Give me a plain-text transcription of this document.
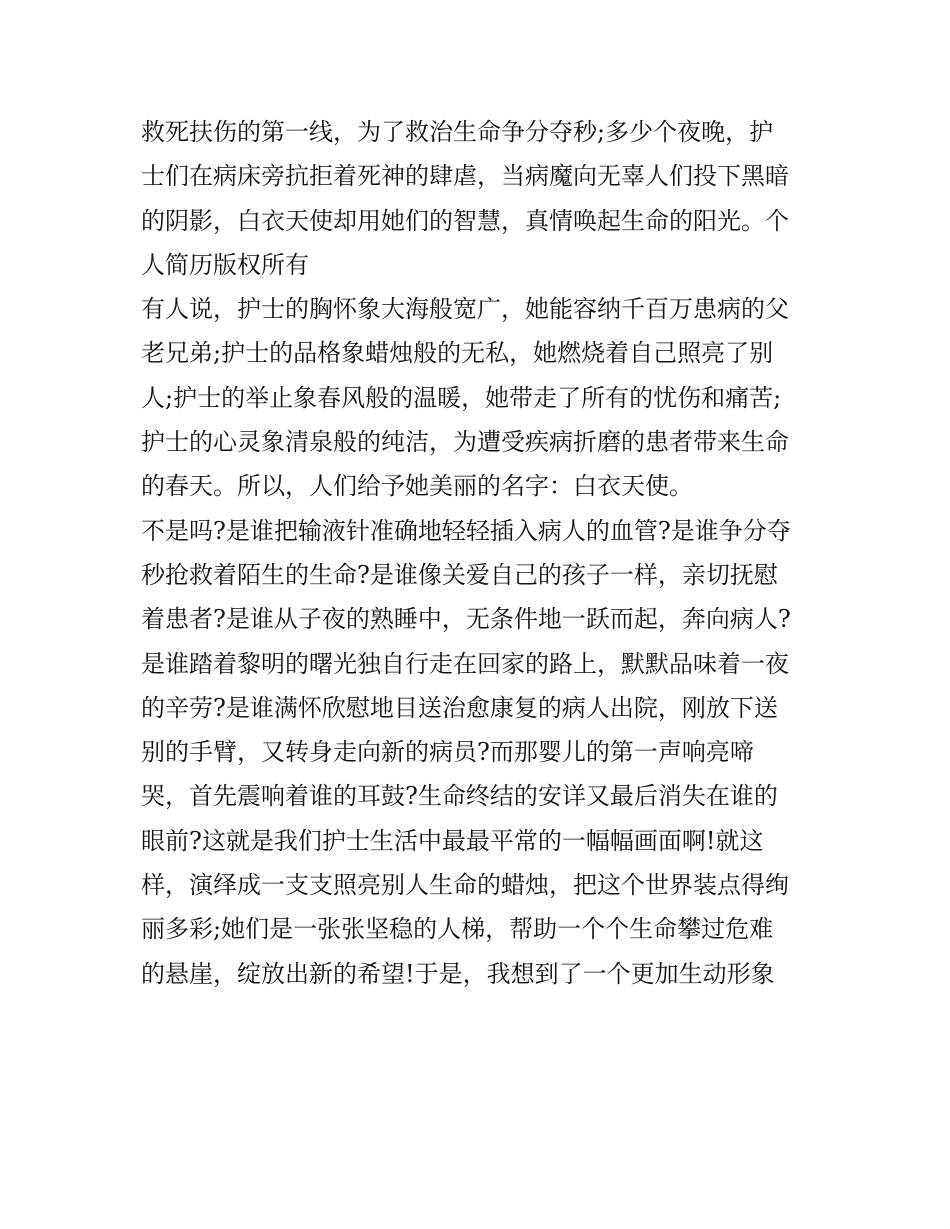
救死扶伤的第一线，为了救治生命争分夺秒;多少个夜晚，护
士们在病床旁抗拒着死神的肆虐，当病魔向无辜人们投下黑暗
的阴影，白衣天使却用她们的智慧，真情唤起生命的阳光。个
人简历版权所有
有人说，护士的胸怀象大海般宽广，她能容纳千百万患病的父
老兄弟;护士的品格象蜡烛般的无私，她燃烧着自己照亮了别
人;护士的举止象春风般的温暖，她带走了所有的忧伤和痛苦;
护士的心灵象清泉般的纯洁，为遭受疾病折磨的患者带来生命
的春天。所以，人们给予她美丽的名字：白衣天使。
不是吗?是谁把输液针准确地轻轻插入病人的血管?是谁争分夺
秒抢救着陌生的生命?是谁像关爱自己的孩子一样，亲切抚慰
着患者?是谁从子夜的熟睡中，无条件地一跃而起，奔向病人?
是谁踏着黎明的曙光独自行走在回家的路上，默默品味着一夜
的辛劳?是谁满怀欣慰地目送治愈康复的病人出院，刚放下送
别的手臂，又转身走向新的病员?而那婴儿的第一声响亮啼
哭，首先震响着谁的耳鼓?生命终结的安详又最后消失在谁的
眼前?这就是我们护士生活中最最平常的一幅幅画面啊!就这
样，演绎成一支支照亮别人生命的蜡烛，把这个世界装点得绚
丽多彩;她们是一张张坚稳的人梯，帮助一个个生命攀过危难
的悬崖，绽放出新的希望!于是，我想到了一个更加生动形象
